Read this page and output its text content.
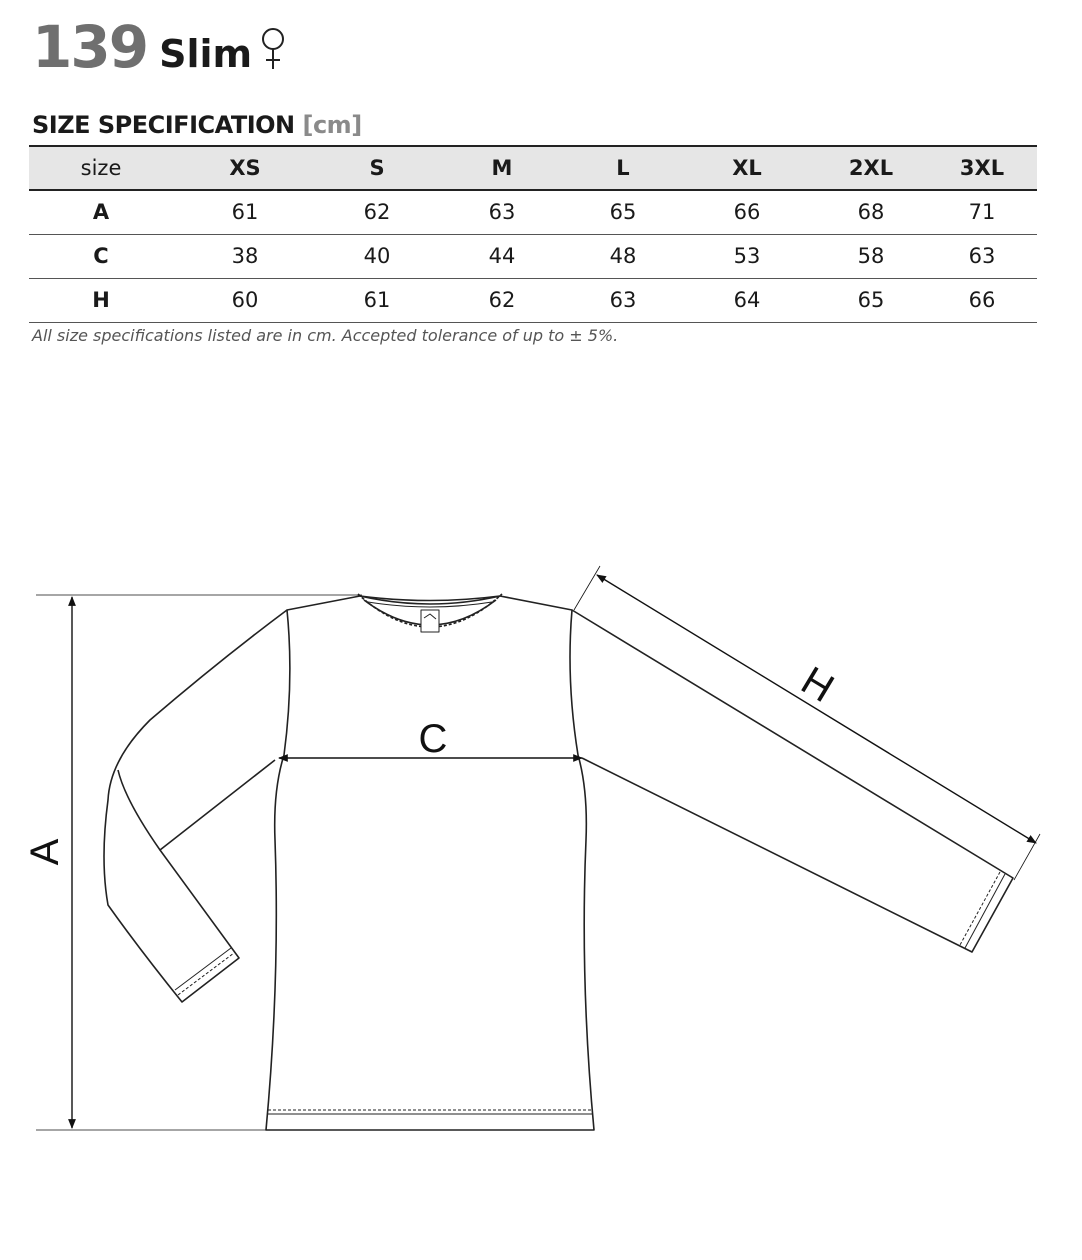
139 Slim
SIZE SPECIFICATION [cm]
size	XS	S	M	L	XL	2XL	3XL
A	61	62	63	65	66	68	71
C	38	40	44	48	53	58	63
H	60	61	62	63	64	65	66
All size specifications listed are in cm. Accepted tolerance of up to ± 5%.
A
C
H
